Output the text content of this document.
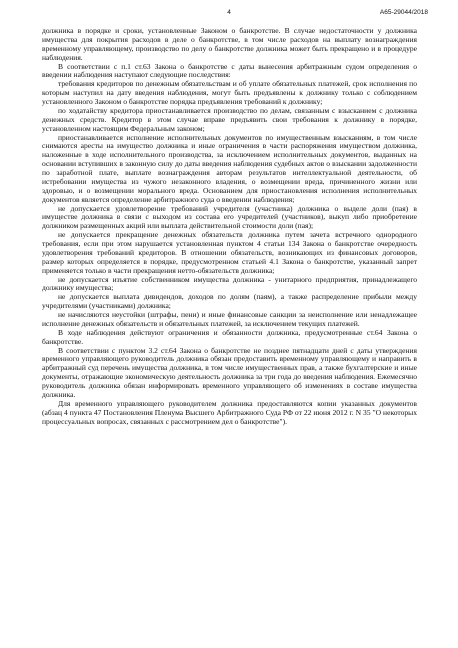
4	А65-29044/2018

должника в порядке и сроки, установленные Законом о банкротстве. В случае недостаточности у должника имущества для покрытия расходов в деле о банкротстве, в том числе расходов на выплату вознаграждения временному управляющему, производство по делу о банкротстве должника может быть прекращено и в процедуре наблюдения.

В соответствии с п.1 ст.63 Закона о банкротстве с даты вынесения арбитражным судом определения о введении наблюдения наступают следующие последствия:

требования кредиторов по денежным обязательствам и об уплате обязательных платежей, срок исполнения по которым наступил на дату введения наблюдения, могут быть предъявлены к должнику только с соблюдением установленного Законом о банкротстве порядка предъявления требований к должнику;

по ходатайству кредитора приостанавливается производство по делам, связанным с взысканием с должника денежных средств. Кредитор в этом случае вправе предъявить свои требования к должнику в порядке, установленном настоящим Федеральным законом;

приостанавливается исполнение исполнительных документов по имущественным взысканиям, в том числе снимаются аресты на имущество должника и иные ограничения в части распоряжения имуществом должника, наложенные в ходе исполнительного производства, за исключением исполнительных документов, выданных на основании вступивших в законную силу до даты введения наблюдения судебных актов о взыскании задолженности по заработной плате, выплате вознаграждения авторам результатов интеллектуальной деятельности, об истребовании имущества из чужого незаконного владения, о возмещении вреда, причиненного жизни или здоровью, и о возмещении морального вреда. Основанием для приостановления исполнения исполнительных документов является определение арбитражного суда о введении наблюдения;

не допускается удовлетворение требований учредителя (участника) должника о выделе доли (пая) в имуществе должника в связи с выходом из состава его учредителей (участников), выкуп либо приобретение должником размещенных акций или выплата действительной стоимости доли (пая);

не допускается прекращение денежных обязательств должника путем зачета встречного однородного требования, если при этом нарушается установленная пунктом 4 статьи 134 Закона о банкротстве очередность удовлетворения требований кредиторов. В отношении обязательств, возникающих из финансовых договоров, размер которых определяется в порядке, предусмотренном статьей 4.1 Закона о банкротстве, указанный запрет применяется только в части прекращения нетто-обязательств должника;

не допускается изъятие собственником имущества должника - унитарного предприятия, принадлежащего должнику имущества;

не допускается выплата дивидендов, доходов по долям (паям), а также распределение прибыли между учредителями (участниками) должника;

не начисляются неустойки (штрафы, пени) и иные финансовые санкции за неисполнение или ненадлежащее исполнение денежных обязательств и обязательных платежей, за исключением текущих платежей.

В ходе наблюдения действуют ограничения и обязанности должника, предусмотренные ст.64 Закона о банкротстве.

В соответствии с пунктом 3.2 ст.64 Закона о банкротстве не позднее пятнадцати дней с даты утверждения временного управляющего руководитель должника обязан предоставить временному управляющему и направить в арбитражный суд перечень имущества должника, в том числе имущественных прав, а также бухгалтерские и иные документы, отражающие экономическую деятельность должника за три года до введения наблюдения. Ежемесячно руководитель должника обязан информировать временного управляющего об изменениях в составе имущества должника.

Для временного управляющего руководителем должника предоставляются копии указанных документов (абзац 4 пункта 47 Постановления Пленума Высшего Арбитражного Суда РФ от 22 июня 2012 г. N 35 "О некоторых процессуальных вопросах, связанных с рассмотрением дел о банкротстве").
